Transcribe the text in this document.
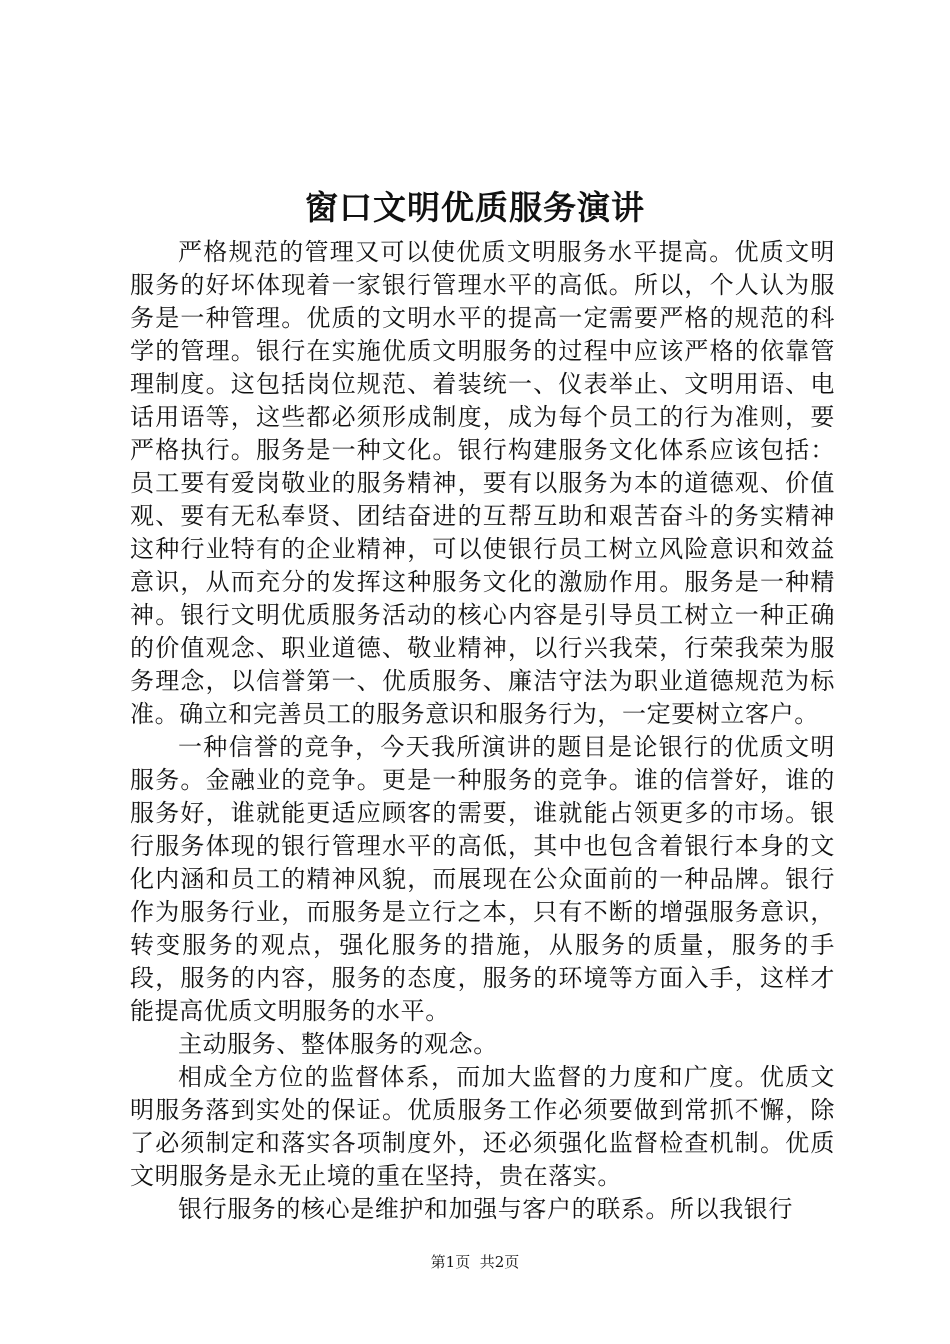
窗口文明优质服务演讲

严格规范的管理又可以使优质文明服务水平提高。优质文明服务的好坏体现着一家银行管理水平的高低。所以，个人认为服务是一种管理。优质的文明水平的提高一定需要严格的规范的科学的管理。银行在实施优质文明服务的过程中应该严格的依靠管理制度。这包括岗位规范、着装统一、仪表举止、文明用语、电话用语等，这些都必须形成制度，成为每个员工的行为准则，要严格执行。服务是一种文化。银行构建服务文化体系应该包括：员工要有爱岗敬业的服务精神，要有以服务为本的道德观、价值观、要有无私奉贤、团结奋进的互帮互助和艰苦奋斗的务实精神这种行业特有的企业精神，可以使银行员工树立风险意识和效益意识，从而充分的发挥这种服务文化的激励作用。服务是一种精神。银行文明优质服务活动的核心内容是引导员工树立一种正确的价值观念、职业道德、敬业精神，以行兴我荣，行荣我荣为服务理念，以信誉第一、优质服务、廉洁守法为职业道德规范为标准。确立和完善员工的服务意识和服务行为，一定要树立客户。

一种信誉的竞争，今天我所演讲的题目是论银行的优质文明服务。金融业的竞争。更是一种服务的竞争。谁的信誉好，谁的服务好，谁就能更适应顾客的需要，谁就能占领更多的市场。银行服务体现的银行管理水平的高低，其中也包含着银行本身的文化内涵和员工的精神风貌，而展现在公众面前的一种品牌。银行作为服务行业，而服务是立行之本，只有不断的增强服务意识，转变服务的观点，强化服务的措施，从服务的质量，服务的手段，服务的内容，服务的态度，服务的环境等方面入手，这样才能提高优质文明服务的水平。

主动服务、整体服务的观念。

相成全方位的监督体系，而加大监督的力度和广度。优质文明服务落到实处的保证。优质服务工作必须要做到常抓不懈，除了必须制定和落实各项制度外，还必须强化监督检查机制。优质文明服务是永无止境的重在坚持，贵在落实。

银行服务的核心是维护和加强与客户的联系。所以我银行

第1页 共2页
